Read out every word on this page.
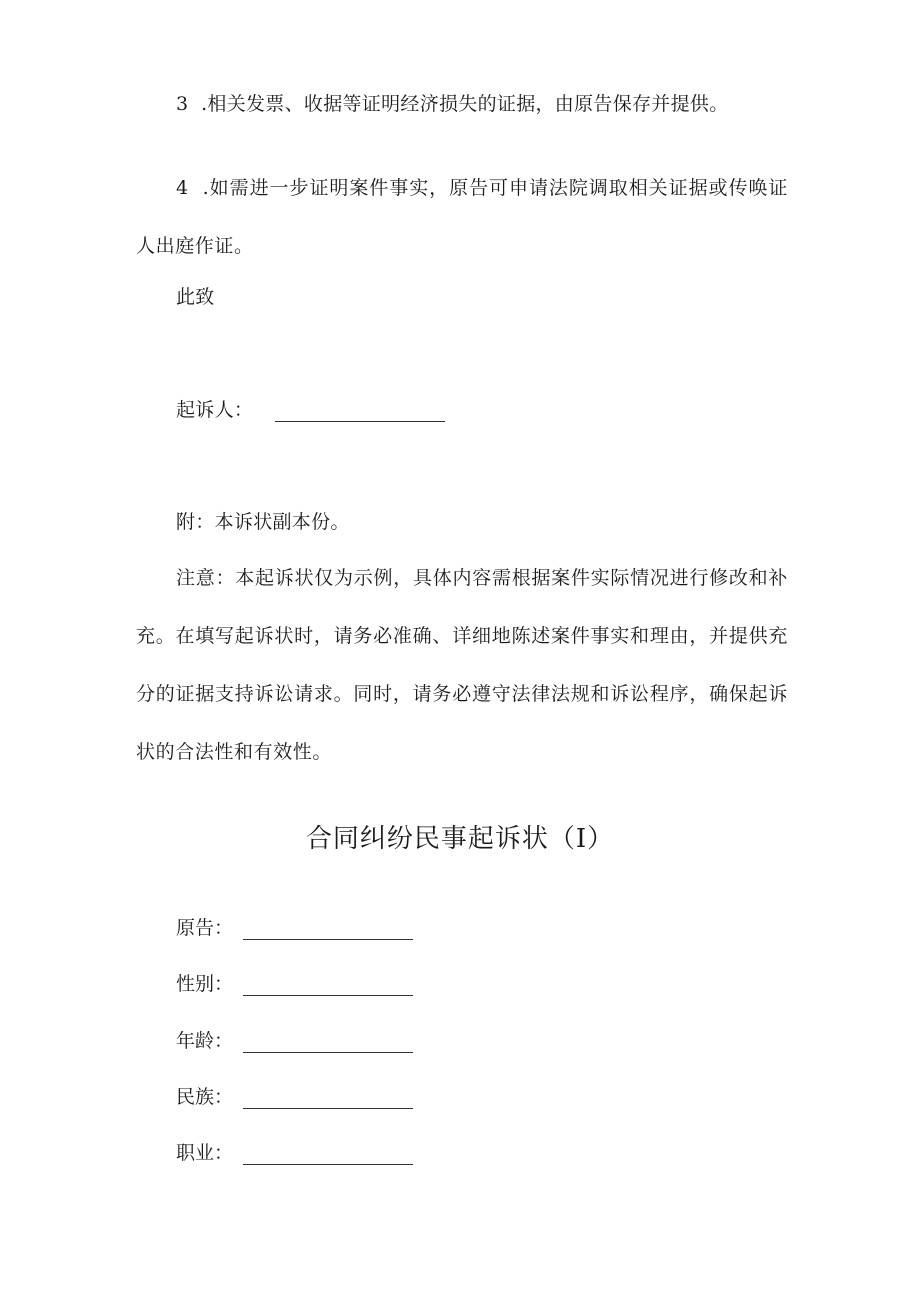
3  .相关发票、收据等证明经济损失的证据，由原告保存并提供。
4  .如需进一步证明案件事实，原告可申请法院调取相关证据或传唤证人出庭作证。
此致
起诉人：
附：本诉状副本份。
注意：本起诉状仅为示例，具体内容需根据案件实际情况进行修改和补充。在填写起诉状时，请务必准确、详细地陈述案件事实和理由，并提供充分的证据支持诉讼请求。同时，请务必遵守法律法规和诉讼程序，确保起诉状的合法性和有效性。
合同纠纷民事起诉状（I）
原告：
性别：
年龄：
民族：
职业：
